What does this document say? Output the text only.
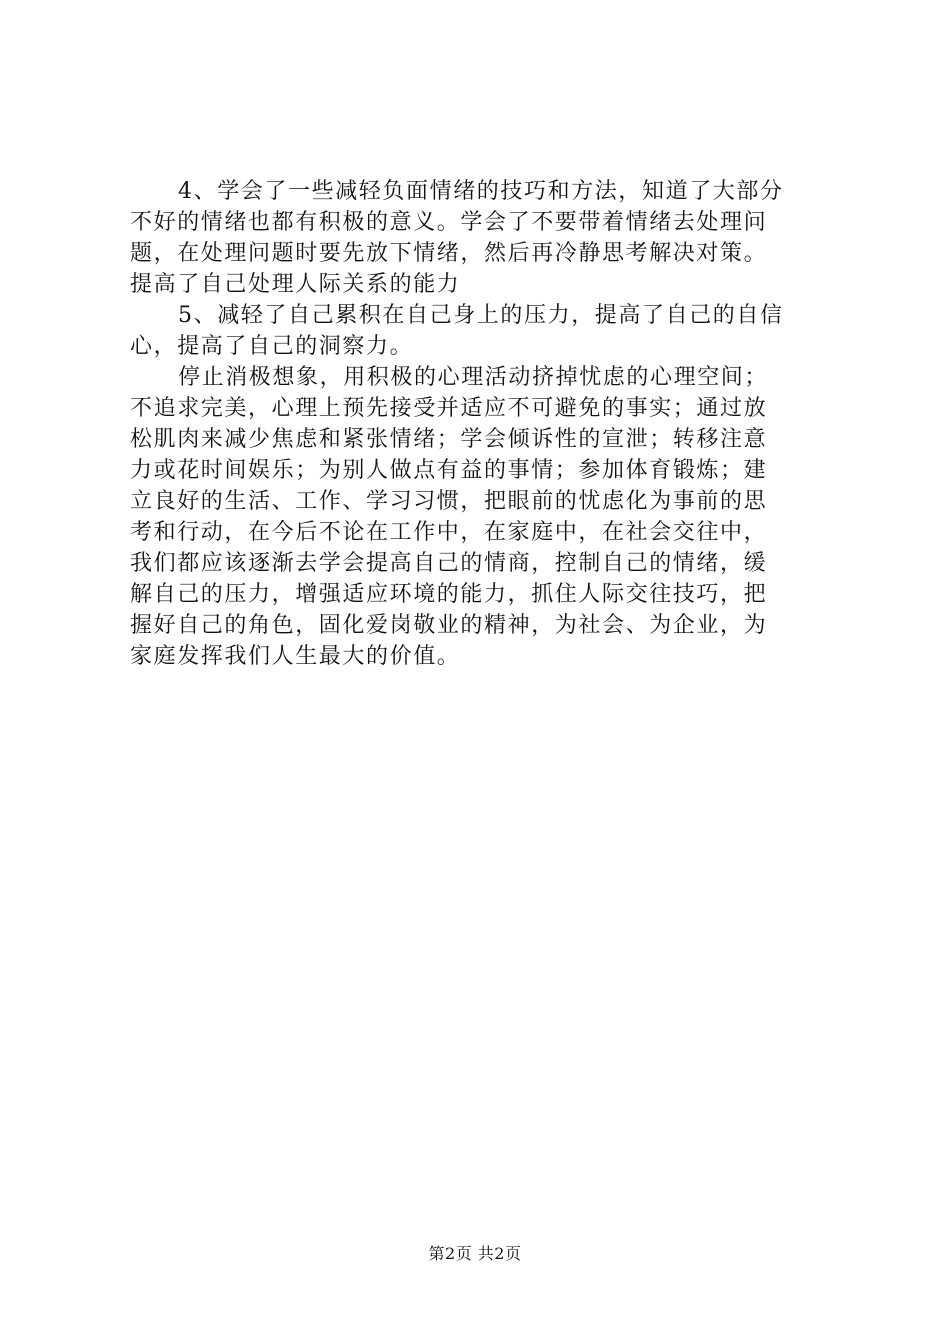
4、学会了一些减轻负面情绪的技巧和方法，知道了大部分
不好的情绪也都有积极的意义。学会了不要带着情绪去处理问
题，在处理问题时要先放下情绪，然后再冷静思考解决对策。
提高了自己处理人际关系的能力
5、减轻了自己累积在自己身上的压力，提高了自己的自信
心，提高了自己的洞察力。
停止消极想象，用积极的心理活动挤掉忧虑的心理空间；
不追求完美，心理上预先接受并适应不可避免的事实；通过放
松肌肉来减少焦虑和紧张情绪；学会倾诉性的宣泄；转移注意
力或花时间娱乐；为别人做点有益的事情；参加体育锻炼；建
立良好的生活、工作、学习习惯，把眼前的忧虑化为事前的思
考和行动，在今后不论在工作中，在家庭中，在社会交往中，
我们都应该逐渐去学会提高自己的情商，控制自己的情绪，缓
解自己的压力，增强适应环境的能力，抓住人际交往技巧，把
握好自己的角色，固化爱岗敬业的精神，为社会、为企业，为
家庭发挥我们人生最大的价值。
第2页 共2页
